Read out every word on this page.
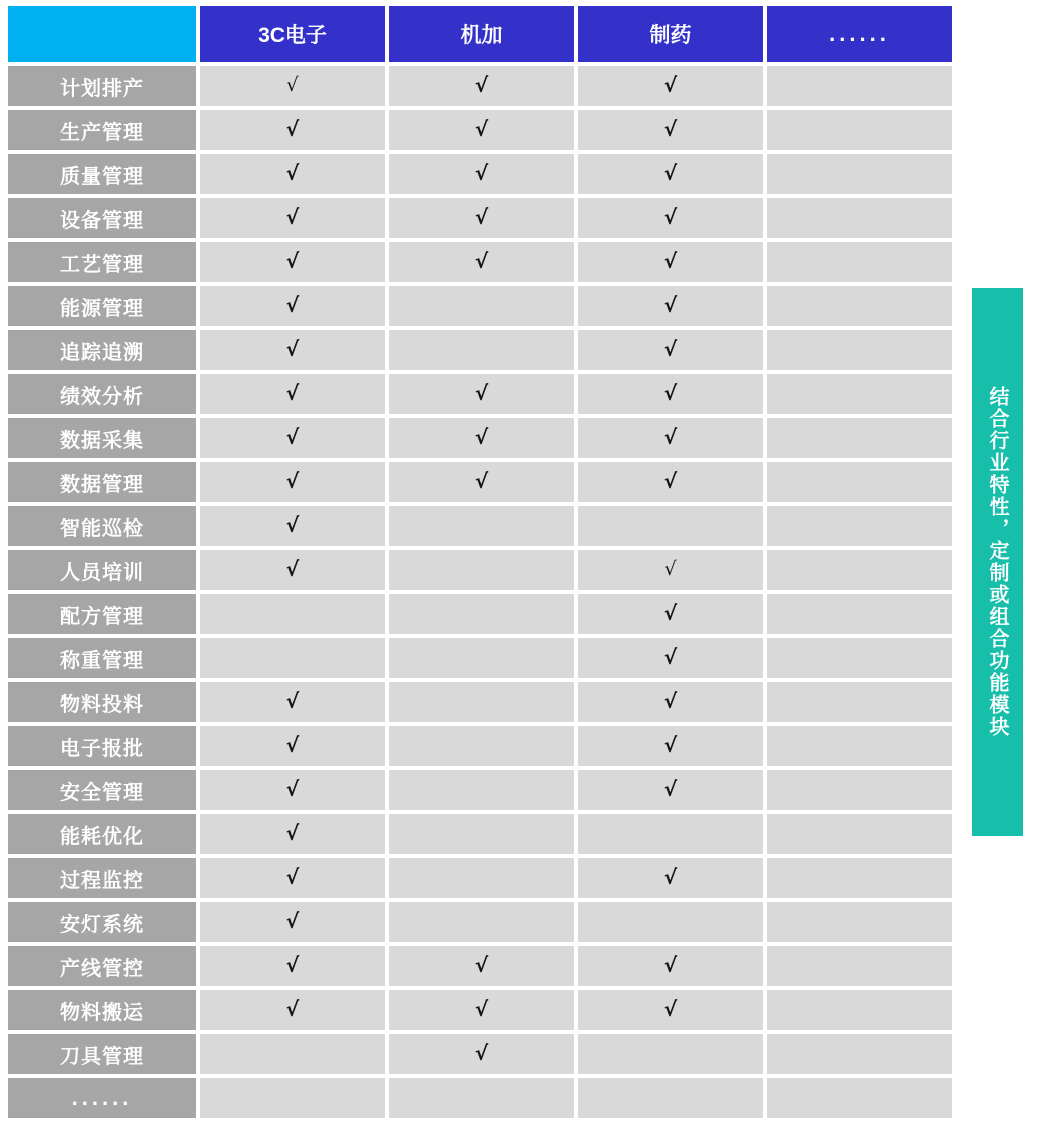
	3C电子	机加	制药	......
计划排产	√	√	√	
生产管理	√	√	√	
质量管理	√	√	√	
设备管理	√	√	√	
工艺管理	√	√	√	
能源管理	√		√	
追踪追溯	√		√	
绩效分析	√	√	√	
数据采集	√	√	√	
数据管理	√	√	√	
智能巡检	√			
人员培训	√		√	
配方管理			√	
称重管理			√	
物料投料	√		√	
电子报批	√		√	
安全管理	√		√	
能耗优化	√			
过程监控	√		√	
安灯系统	√			
产线管控	√	√	√	
物料搬运	√	√	√	
刀具管理		√		
......				
结合行业特性，定制或组合功能模块
